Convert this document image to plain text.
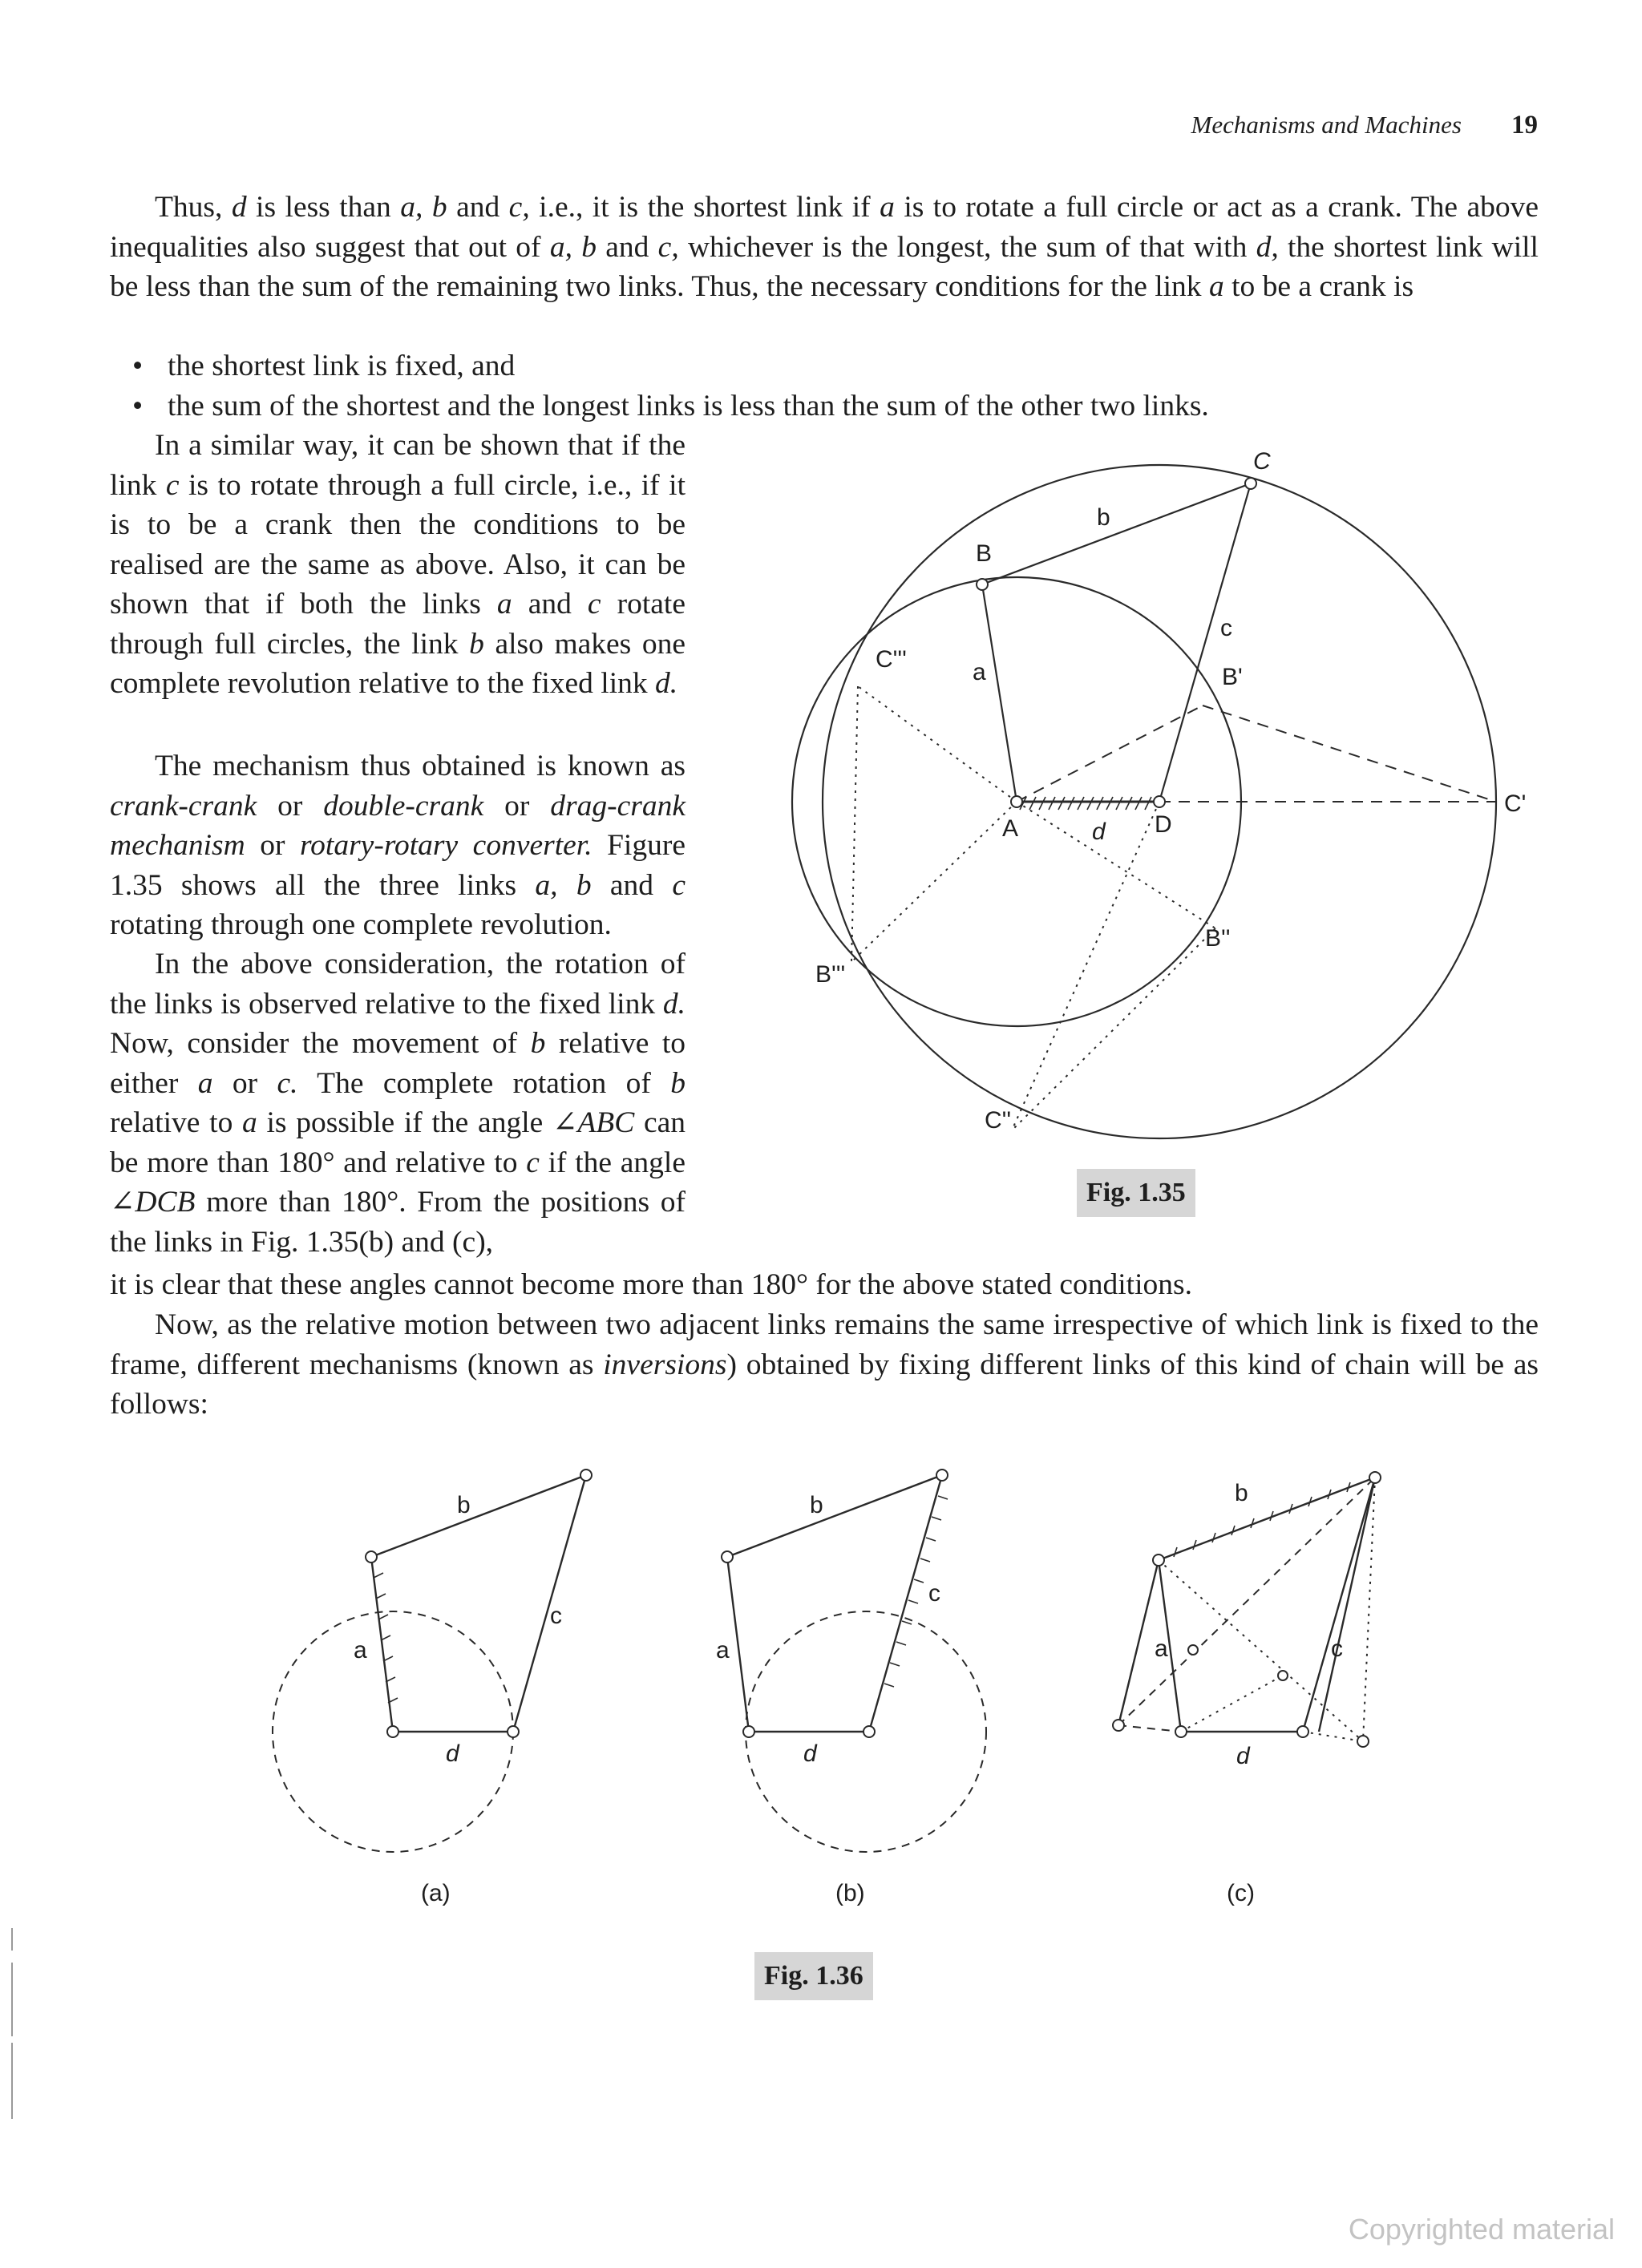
Mechanisms and Machines 19

Thus, d is less than a, b and c, i.e., it is the shortest link if a is to rotate a full circle or act as a crank. The above inequalities also suggest that out of a, b and c, whichever is the longest, the sum of that with d, the shortest link will be less than the sum of the remaining two links. Thus, the necessary conditions for the link a to be a crank is

• the shortest link is fixed, and
• the sum of the shortest and the longest links is less than the sum of the other two links.

In a similar way, it can be shown that if the link c is to rotate through a full circle, i.e., if it is to be a crank then the conditions to be realised are the same as above. Also, it can be shown that if both the links a and c rotate through full circles, the link b also makes one complete revolution relative to the fixed link d.

The mechanism thus obtained is known as crank-crank or double-crank or drag-crank mechanism or rotary-rotary converter. Figure 1.35 shows all the three links a, b and c rotating through one complete revolution.

In the above consideration, the rotation of the links is observed relative to the fixed link d. Now, consider the movement of b relative to either a or c. The complete rotation of b relative to a is possible if the angle ∠ABC can be more than 180° and relative to c if the angle ∠DCB more than 180°. From the positions of the links in Fig. 1.35(b) and (c),

it is clear that these angles cannot become more than 180° for the above stated conditions.

Now, as the relative motion between two adjacent links remains the same irrespective of which link is fixed to the frame, different mechanisms (known as inversions) obtained by fixing different links of this kind of chain will be as follows:

C
b
B
c
C'''	a	B'
C'
A	d D
B''
B'''
C''
Fig. 1.35
a
b
c
d
a
b
c
d
a
b
c
d
(a)	(b)	(c)
Fig. 1.36
Copyrighted material
